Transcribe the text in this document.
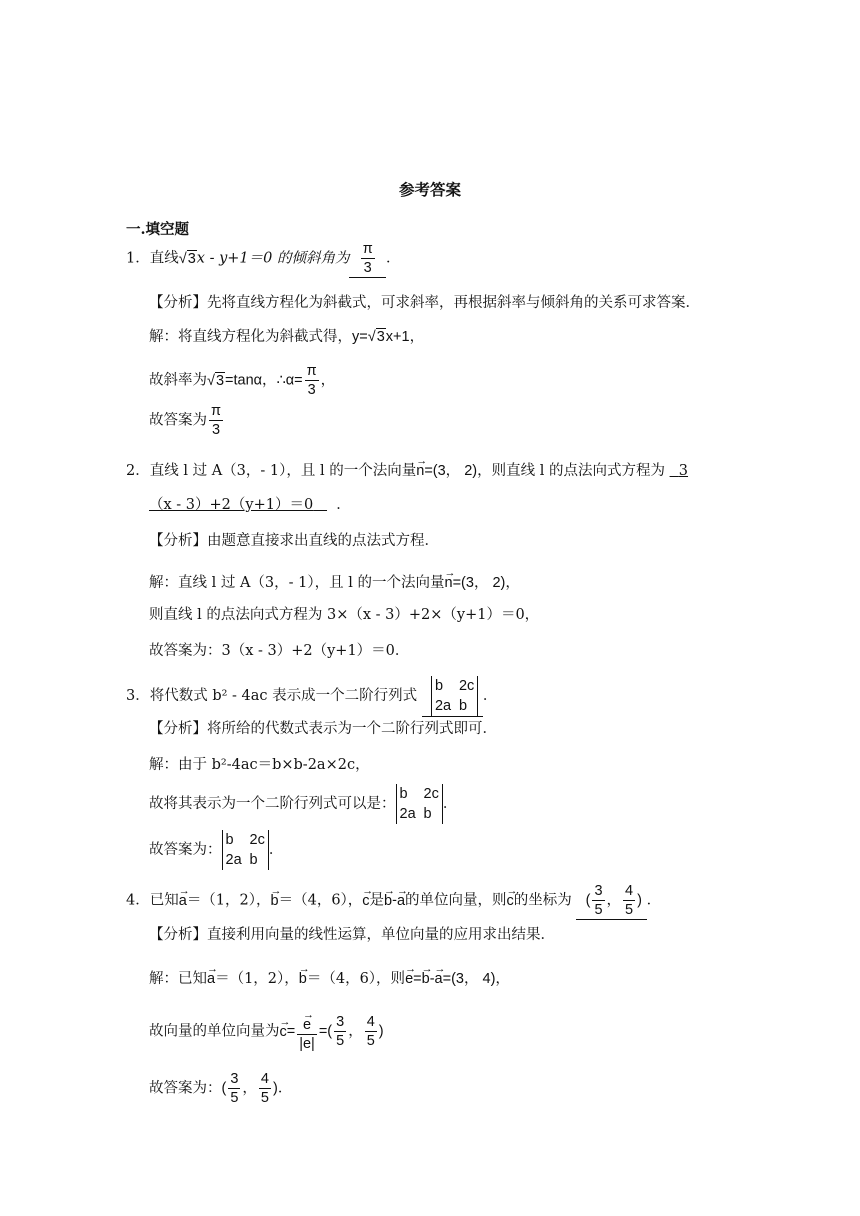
参考答案
一.填空题
1．直线√3x - y+1＝0 的倾斜角为 $\frac{\pi}{3}$ ．
【分析】先将直线方程化为斜截式，可求斜率，再根据斜率与倾斜角的关系可求答案．
解：将直线方程化为斜截式得，y=√3x+1，
故斜率为√3=tanα，∴α= $\frac{\pi}{3}$ ，
故答案为 $\frac{\pi}{3}$
2．直线 l 过 A（3，- 1），且 l 的一个法向量→ n=(3， 2)，则直线 l 的点法向式方程为 3
（x - 3）+2（y+1）＝0 ．
【分析】由题意直接求出直线的点法式方程．
解：直线 l 过 A（3，- 1），且 l 的一个法向量→ n=(3， 2)，
则直线 l 的点法向式方程为 3×（x - 3）+2×（y+1）＝0，
故答案为：3（x - 3）+2（y+1）＝0．
3．将代数式 b² - 4ac 表示成一个二阶行列式
b 2c
2a b
．
【分析】将所给的代数式表示为一个二阶行列式即可．
解：由于 b²-4ac＝b×b-2a×2c，
故将其表示为一个二阶行列式可以是：
b 2c
2a b
．
故答案为：
b 2c
2a b
．
4．已知→ a＝（1，2），→ b＝（4，6），→ c是→ b-→ a的单位向量，则→ c的坐标为 ( $\frac{3}{5}$ ， $\frac{4}{5}$ ) ．
【分析】直接利用向量的线性运算，单位向量的应用求出结果．
解：已知→ a＝（1，2），→ b＝（4，6），则→ e=→ b-→ a=(3， 4)，
故向量的单位向量为→ c=
→ $\frac{e}{|e|}$ =( $\frac{3}{5}$ ， $\frac{4}{5}$ )
故答案为：( $\frac{3}{5}$ ， $\frac{4}{5}$ )．
